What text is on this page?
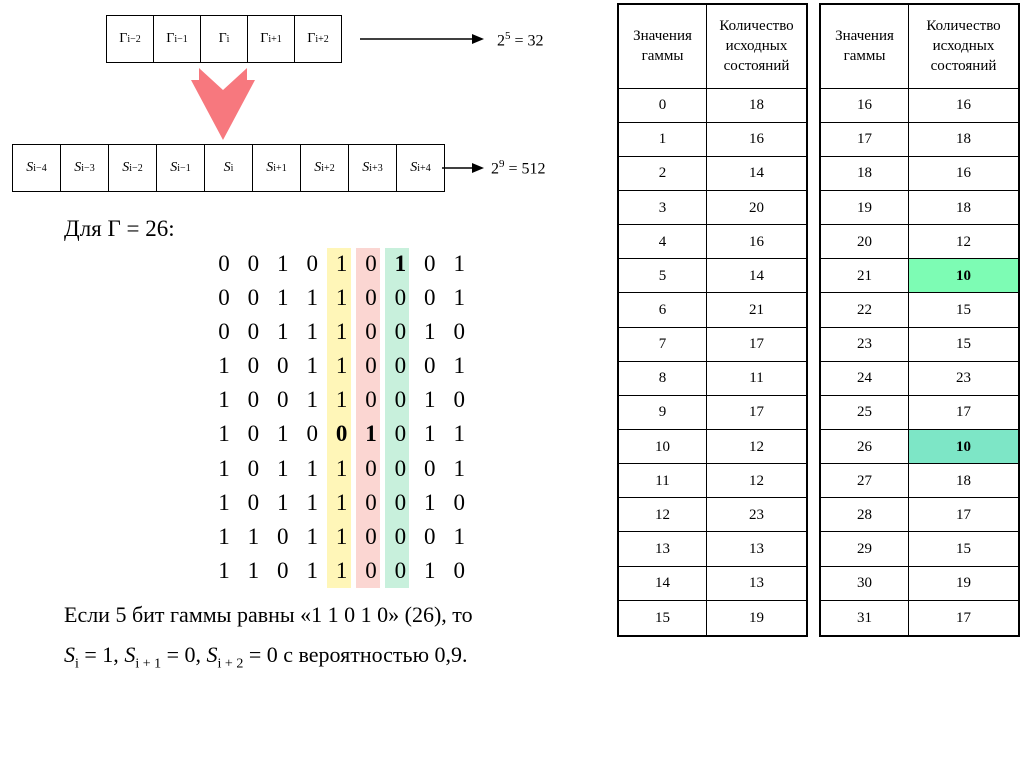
Γ i−2 Γ i−1 Γ i Γ i+1 Γ i+2	$2^5 = 32$
S i−4 S i−3 S i−2 S i−1 S i S i+1 S i+2 S i+3 S i+4	$2^9 = 512$
Для Г = 26:
0 0 1 0 1 0 1 0 1
0 0 1 1 1 0 0 0 1
0 0 1 1 1 0 0 1 0
1 0 0 1 1 0 0 0 1
1 0 0 1 1 0 0 1 0
1 0 1 0 0 1 0 1 1
1 0 1 1 1 0 0 0 1
1 0 1 1 1 0 0 1 0
1 1 0 1 1 0 0 0 1
1 1 0 1 1 0 0 1 0
Если 5 бит гаммы равны «1 1 0 1 0» (26), то
$S_i = 1$, $S_{i + 1} = 0$, $S_{i + 2} = 0$ с вероятностью 0,9.
Значения гаммы
Количество исходных состояний
0	18
1	16
2	14
3	20
4	16
5	14
6	21
7	17
8	11
9	17
10	12
11	12
12	23
13	13
14	13
15	19
Значения гаммы
Количество исходных состояний
16	16
17	18
18	16
19	18
20	12
21	10
22	15
23	15
24	23
25	17
26	10
27	18
28	17
29	15
30	19
31	17
